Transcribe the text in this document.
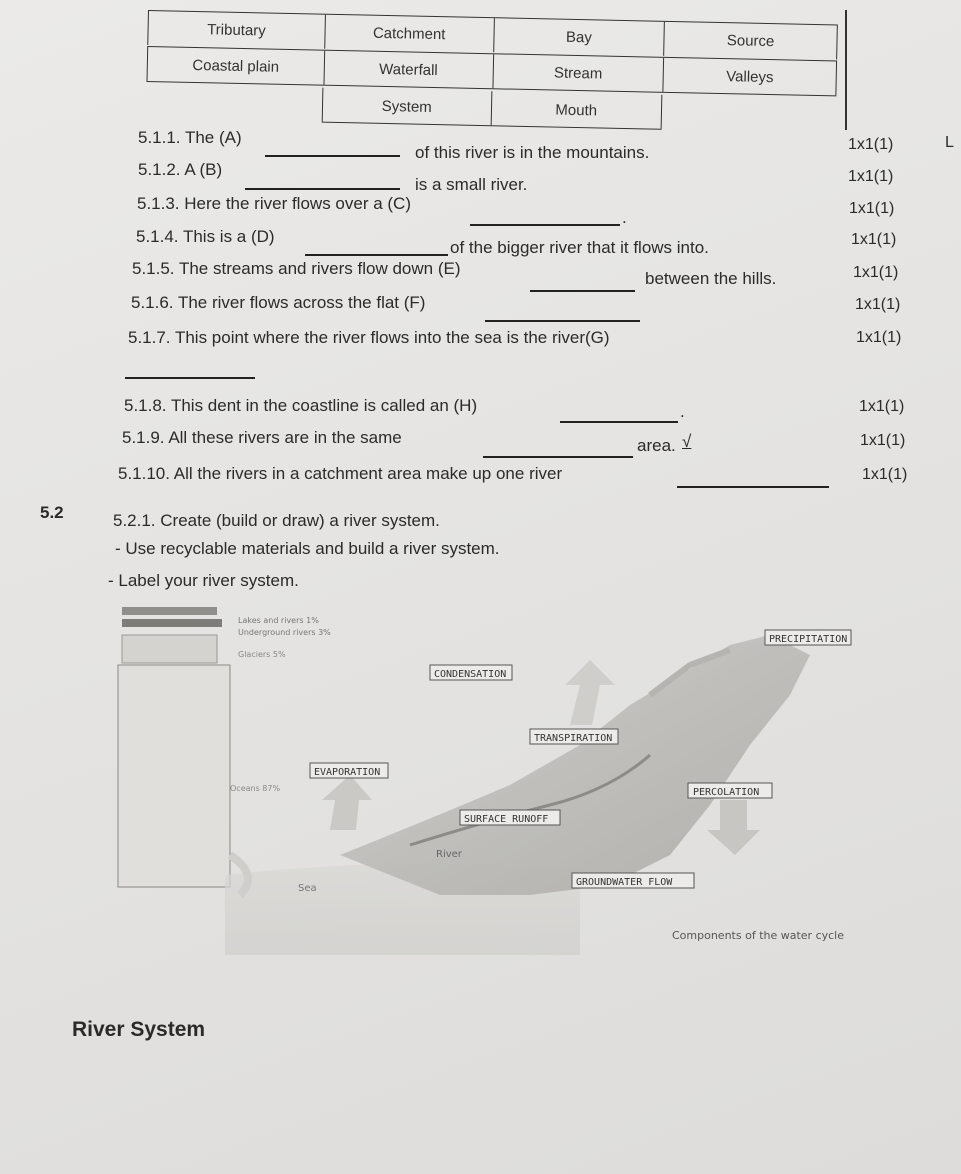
Tributary	Catchment	Bay	Source
Coastal plain	Waterfall	Stream	Valleys
System	Mouth
5.1.1. The (A)
of this river is in the mountains.	1x1(1)	L
5.1.2. A (B)
is a small river.	1x1(1)
5.1.3. Here the river flows over a (C)
.	1x1(1)
5.1.4. This is a (D)
of the bigger river that it flows into.	1x1(1)
5.1.5. The streams and rivers flow down (E)
between the hills.	1x1(1)
5.1.6. The river flows across the flat (F)	1x1(1)
5.1.7. This point where the river flows into the sea is the river(G)	1x1(1)
5.1.8. This dent in the coastline is called an (H)	.	1x1(1)
5.1.9. All these rivers are in the same	area. √	1x1(1)
5.1.10. All the rivers in a catchment area make up one river	1x1(1)
5.2	5.2.1. Create (build or draw) a river system.
- Use recyclable materials and build a river system.
- Label your river system.
Lakes and rivers 1%
Underground rivers 3%
Glaciers 5%
Oceans 87%
CONDENSATION
PRECIPITATION
TRANSPIRATION
EVAPORATION
PERCOLATION
SURFACE RUNOFF
River
Sea
GROUNDWATER FLOW
Components of the water cycle
River System
